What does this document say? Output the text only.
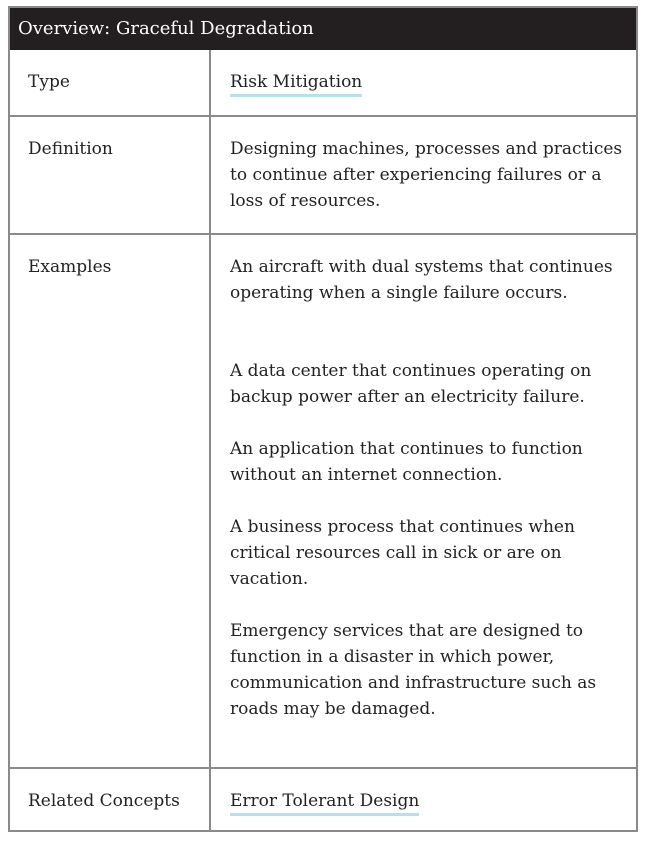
Overview: Graceful Degradation
Type	Risk Mitigation
Definition	Designing machines, processes and practices to continue after experiencing failures or a loss of resources.
Examples	An aircraft with dual systems that continues operating when a single failure occurs.

A data center that continues operating on backup power after an electricity failure.

An application that continues to function without an internet connection.

A business process that continues when critical resources call in sick or are on vacation.

Emergency services that are designed to function in a disaster in which power, communication and infrastructure such as roads may be damaged.

Related Concepts	Error Tolerant Design
